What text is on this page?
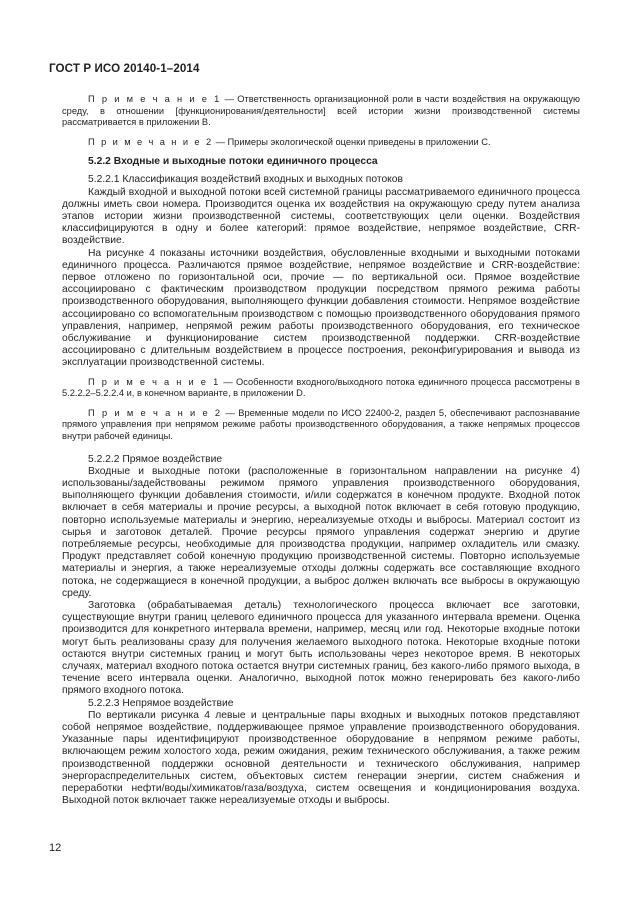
ГОСТ Р ИСО 20140-1–2014

П р и м е ч а н и е 1 — Ответственность организационной роли в части воздействия на окружающую среду, в отношении [функционирования/деятельности] всей истории жизни производственной системы рассматривается в приложении В.

П р и м е ч а н и е 2 — Примеры экологической оценки приведены в приложении C.

5.2.2 Входные и выходные потоки единичного процесса

5.2.2.1 Классификация воздействий входных и выходных потоков

Каждый входной и выходной потоки всей системной границы рассматриваемого единичного процесса должны иметь свои номера. Производится оценка их воздействия на окружающую среду путем анализа этапов истории жизни производственной системы, соответствующих цели оценки. Воздействия классифицируются в одну и более категорий: прямое воздействие, непрямое воздействие, CRR-воздействие.

На рисунке 4 показаны источники воздействия, обусловленные входными и выходными потоками единичного процесса. Различаются прямое воздействие, непрямое воздействие и CRR-воздействие: первое отложено по горизонтальной оси, прочие — по вертикальной оси. Прямое воздействие ассоциировано с фактическим производством продукции посредством прямого режима работы производственного оборудования, выполняющего функции добавления стоимости. Непрямое воздействие ассоциировано со вспомогательным производством с помощью производственного оборудования прямого управления, например, непрямой режим работы производственного оборудования, его техническое обслуживание и функционирование систем производственной поддержки. CRR-воздействие ассоциировано с длительным воздействием в процессе построения, реконфигурирования и вывода из эксплуатации производственной системы.

П р и м е ч а н и е 1 — Особенности входного/выходного потока единичного процесса рассмотрены в 5.2.2.2–5.2.2.4 и, в конечном варианте, в приложении D.

П р и м е ч а н и е 2 — Временные модели по ИСО 22400-2, раздел 5, обеспечивают распознавание прямого управления при непрямом режиме работы производственного оборудования, а также непрямых процессов внутри рабочей единицы.

5.2.2.2 Прямое воздействие

Входные и выходные потоки (расположенные в горизонтальном направлении на рисунке 4) использованы/задействованы режимом прямого управления производственного оборудования, выполняющего функции добавления стоимости, и/или содержатся в конечном продукте. Входной поток включает в себя материалы и прочие ресурсы, а выходной поток включает в себя готовую продукцию, повторно используемые материалы и энергию, нереализуемые отходы и выбросы. Материал состоит из сырья и заготовок деталей. Прочие ресурсы прямого управления содержат энергию и другие потребляемые ресурсы, необходимые для производства продукции, например охладитель или смазку. Продукт представляет собой конечную продукцию производственной системы. Повторно используемые материалы и энергия, а также нереализуемые отходы должны содержать все составляющие входного потока, не содержащиеся в конечной продукции, а выброс должен включать все выбросы в окружающую среду.

Заготовка (обрабатываемая деталь) технологического процесса включает все заготовки, существующие внутри границ целевого единичного процесса для указанного интервала времени. Оценка производится для конкретного интервала времени, например, месяц или год. Некоторые входные потоки могут быть реализованы сразу для получения желаемого выходного потока. Некоторые входные потоки остаются внутри системных границ и могут быть использованы через некоторое время. В некоторых случаях, материал входного потока остается внутри системных границ, без какого-либо прямого выхода, в течение всего интервала оценки. Аналогично, выходной поток можно генерировать без какого-либо прямого входного потока.

5.2.2.3 Непрямое воздействие

По вертикали рисунка 4 левые и центральные пары входных и выходных потоков представляют собой непрямое воздействие, поддерживающее прямое управление производственного оборудования. Указанные пары идентифицируют производственное оборудование в непрямом режиме работы, включающем режим холостого хода, режим ожидания, режим технического обслуживания, а также режим производственной поддержки основной деятельности и технического обслуживания, например энергораспределительных систем, объектовых систем генерации энергии, систем снабжения и переработки нефти/воды/химикатов/газа/воздуха, систем освещения и кондиционирования воздуха. Выходной поток включает также нереализуемые отходы и выбросы.

12
